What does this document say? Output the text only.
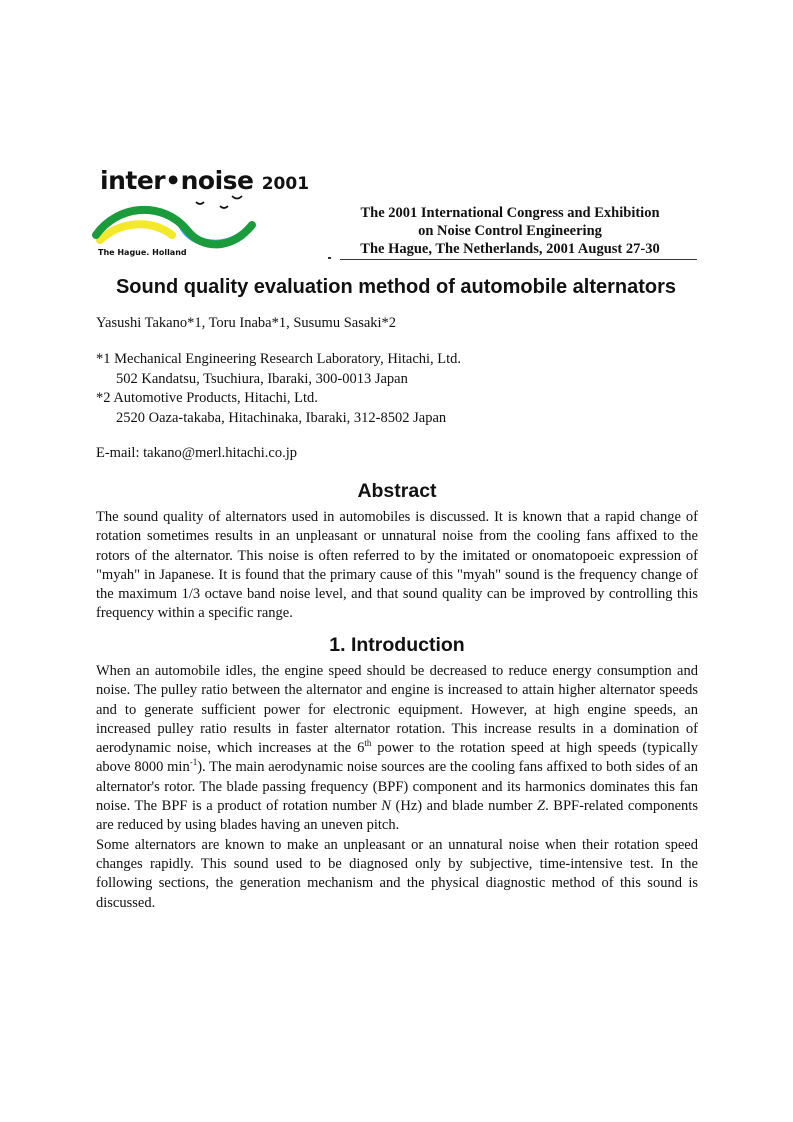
inter•noise 2001
The Hague. Holland
The 2001 International Congress and Exhibition
on Noise Control Engineering
The Hague, The Netherlands, 2001 August 27-30
Sound quality evaluation method of automobile alternators
Yasushi Takano*1, Toru Inaba*1, Susumu Sasaki*2
*1 Mechanical Engineering Research Laboratory, Hitachi, Ltd.
502 Kandatsu, Tsuchiura, Ibaraki, 300-0013 Japan
*2 Automotive Products, Hitachi, Ltd.
2520 Oaza-takaba, Hitachinaka, Ibaraki, 312-8502 Japan
E-mail: takano@merl.hitachi.co.jp
Abstract

The sound quality of alternators used in automobiles is discussed. It is known that a rapid change of rotation sometimes results in an unpleasant or unnatural noise from the cooling fans affixed to the rotors of the alternator. This noise is often referred to by the imitated or onomatopoeic expression of "myah" in Japanese. It is found that the primary cause of this "myah" sound is the frequency change of the maximum 1/3 octave band noise level, and that sound quality can be improved by controlling this frequency within a specific range.

1. Introduction

When an automobile idles, the engine speed should be decreased to reduce energy consumption and noise. The pulley ratio between the alternator and engine is increased to attain higher alternator speeds and to generate sufficient power for electronic equipment. However, at high engine speeds, an increased pulley ratio results in faster alternator rotation. This increase results in a domination of aerodynamic noise, which increases at the 6th power to the rotation speed at high speeds (typically above 8000 $\min^{-1}$). The main aerodynamic noise sources are the cooling fans affixed to both sides of an alternator's rotor. The blade passing frequency (BPF) component and its harmonics dominates this fan noise. The BPF is a product of rotation number N (Hz) and blade number Z. BPF-related components are reduced by using blades having an uneven pitch.

Some alternators are known to make an unpleasant or an unnatural noise when their rotation speed changes rapidly. This sound used to be diagnosed only by subjective, time-intensive test. In the following sections, the generation mechanism and the physical diagnostic method of this sound is discussed.
